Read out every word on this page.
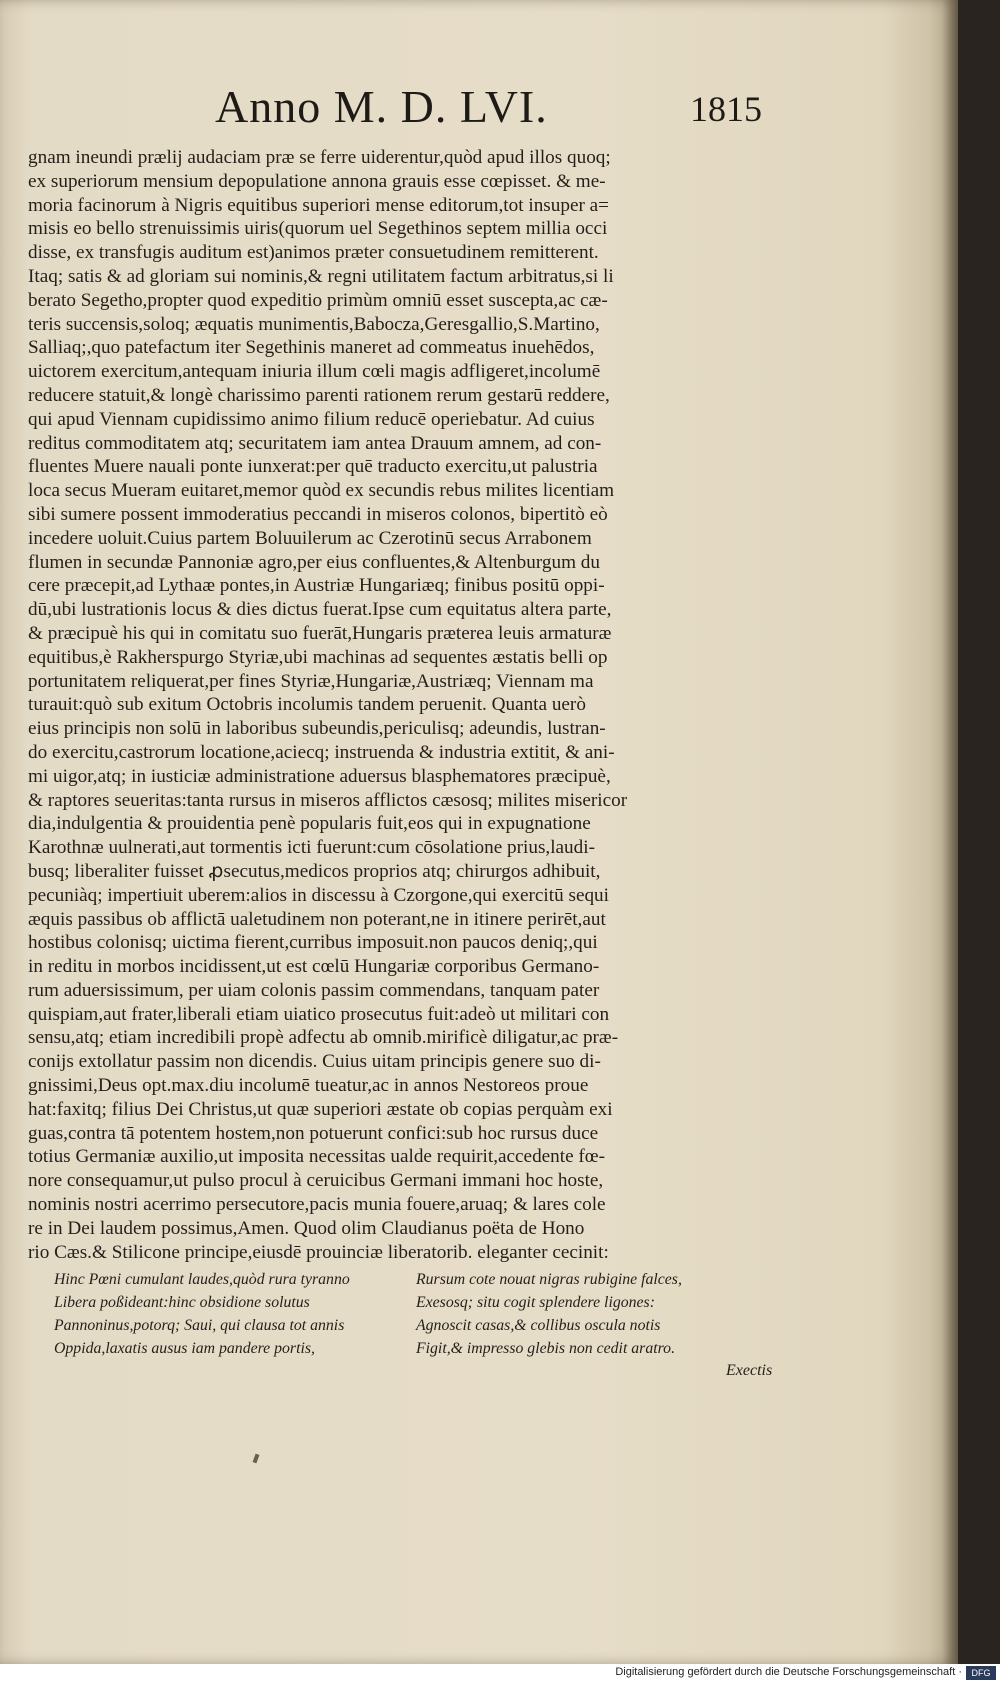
Anno M. D. LVI.	1815
gnam ineundi prælij audaciam præ se ferre uiderentur,quòd apud illos quoq;
ex superiorum mensium depopulatione annona grauis esse cœpisset. & me-
moria facinorum à Nigris equitibus superiori mense editorum,tot insuper a=
misis eo bello strenuissimis uiris(quorum uel Segethinos septem millia occi
disse, ex transfugis auditum est)animos præter consuetudinem remitterent.
Itaq; satis & ad gloriam sui nominis,& regni utilitatem factum arbitratus,si li
berato Segetho,propter quod expeditio primùm omniū esset suscepta,ac cæ-
teris succensis,soloq; æquatis munimentis,Babocza,Geresgallio,S.Martino,
Salliaq;,quo patefactum iter Segethinis maneret ad commeatus inuehēdos,
uictorem exercitum,antequam iniuria illum cœli magis adfligeret,incolumē
reducere statuit,& longè charissimo parenti rationem rerum gestarū reddere,
qui apud Viennam cupidissimo animo filium reducē operiebatur. Ad cuius
reditus commoditatem atq; securitatem iam antea Drauum amnem, ad con-
fluentes Muere nauali ponte iunxerat:per quē traducto exercitu,ut palustria
loca secus Mueram euitaret,memor quòd ex secundis rebus milites licentiam
sibi sumere possent immoderatius peccandi in miseros colonos, bipertitò eò
incedere uoluit.Cuius partem Boluuilerum ac Czerotinū secus Arrabonem
flumen in secundæ Pannoniæ agro,per eius confluentes,& Altenburgum du
cere præcepit,ad Lythaæ pontes,in Austriæ Hungariæq; finibus positū oppi-
dū,ubi lustrationis locus & dies dictus fuerat.Ipse cum equitatus altera parte,
& præcipuè his qui in comitatu suo fuerāt,Hungaris præterea leuis armaturæ
equitibus,è Rakherspurgo Styriæ,ubi machinas ad sequentes æstatis belli op
portunitatem reliquerat,per fines Styriæ,Hungariæ,Austriæq; Viennam ma
turauit:quò sub exitum Octobris incolumis tandem peruenit. Quanta uerò
eius principis non solū in laboribus subeundis,periculisq; adeundis, lustran-
do exercitu,castrorum locatione,aciecq; instruenda & industria extitit, & ani-
mi uigor,atq; in iusticiæ administratione aduersus blasphematores præcipuè,
& raptores seueritas:tanta rursus in miseros afflictos cæsosq; milites misericor
dia,indulgentia & prouidentia penè popularis fuit,eos qui in expugnatione
Karothnæ uulnerati,aut tormentis icti fuerunt:cum cōsolatione prius,laudi-
busq; liberaliter fuisset ꝓsecutus,medicos proprios atq; chirurgos adhibuit,
pecuniàq; impertiuit uberem:alios in discessu à Czorgone,qui exercitū sequi
æquis passibus ob afflictā ualetudinem non poterant,ne in itinere perirēt,aut
hostibus colonisq; uictima fierent,curribus imposuit.non paucos deniq;,qui
in reditu in morbos incidissent,ut est cœlū Hungariæ corporibus Germano-
rum aduersissimum, per uiam colonis passim commendans, tanquam pater
quispiam,aut frater,liberali etiam uiatico prosecutus fuit:adeò ut militari con
sensu,atq; etiam incredibili propè adfectu ab omnib.mirificè diligatur,ac præ-
conijs extollatur passim non dicendis. Cuius uitam principis genere suo di-
gnissimi,Deus opt.max.diu incolumē tueatur,ac in annos Nestoreos proue
hat:faxitq; filius Dei Christus,ut quæ superiori æstate ob copias perquàm exi
guas,contra tā potentem hostem,non potuerunt confici:sub hoc rursus duce
totius Germaniæ auxilio,ut imposita necessitas ualde requirit,accedente fœ-
nore consequamur,ut pulso procul à ceruicibus Germani immani hoc hoste,
nominis nostri acerrimo persecutore,pacis munia fouere,aruaq; & lares cole
re in Dei laudem possimus,Amen. Quod olim Claudianus poëta de Hono
rio Cæs.& Stilicone principe,eiusdē prouinciæ liberatorib. eleganter cecinit:
Hinc Pœni cumulant laudes,quòd rura tyranno
Libera poßideant:hinc obsidione solutus
Pannoninus,potorq; Saui, qui clausa tot annis
Oppida,laxatis ausus iam pandere portis,
Rursum cote nouat nigras rubigine falces,
Exesosq; situ cogit splendere ligones:
Agnoscit casas,& collibus oscula notis
Figit,& impresso glebis non cedit aratro.
Exectis
Digitalisierung gefördert durch die Deutsche Forschungsgemeinschaft ·	DFG
